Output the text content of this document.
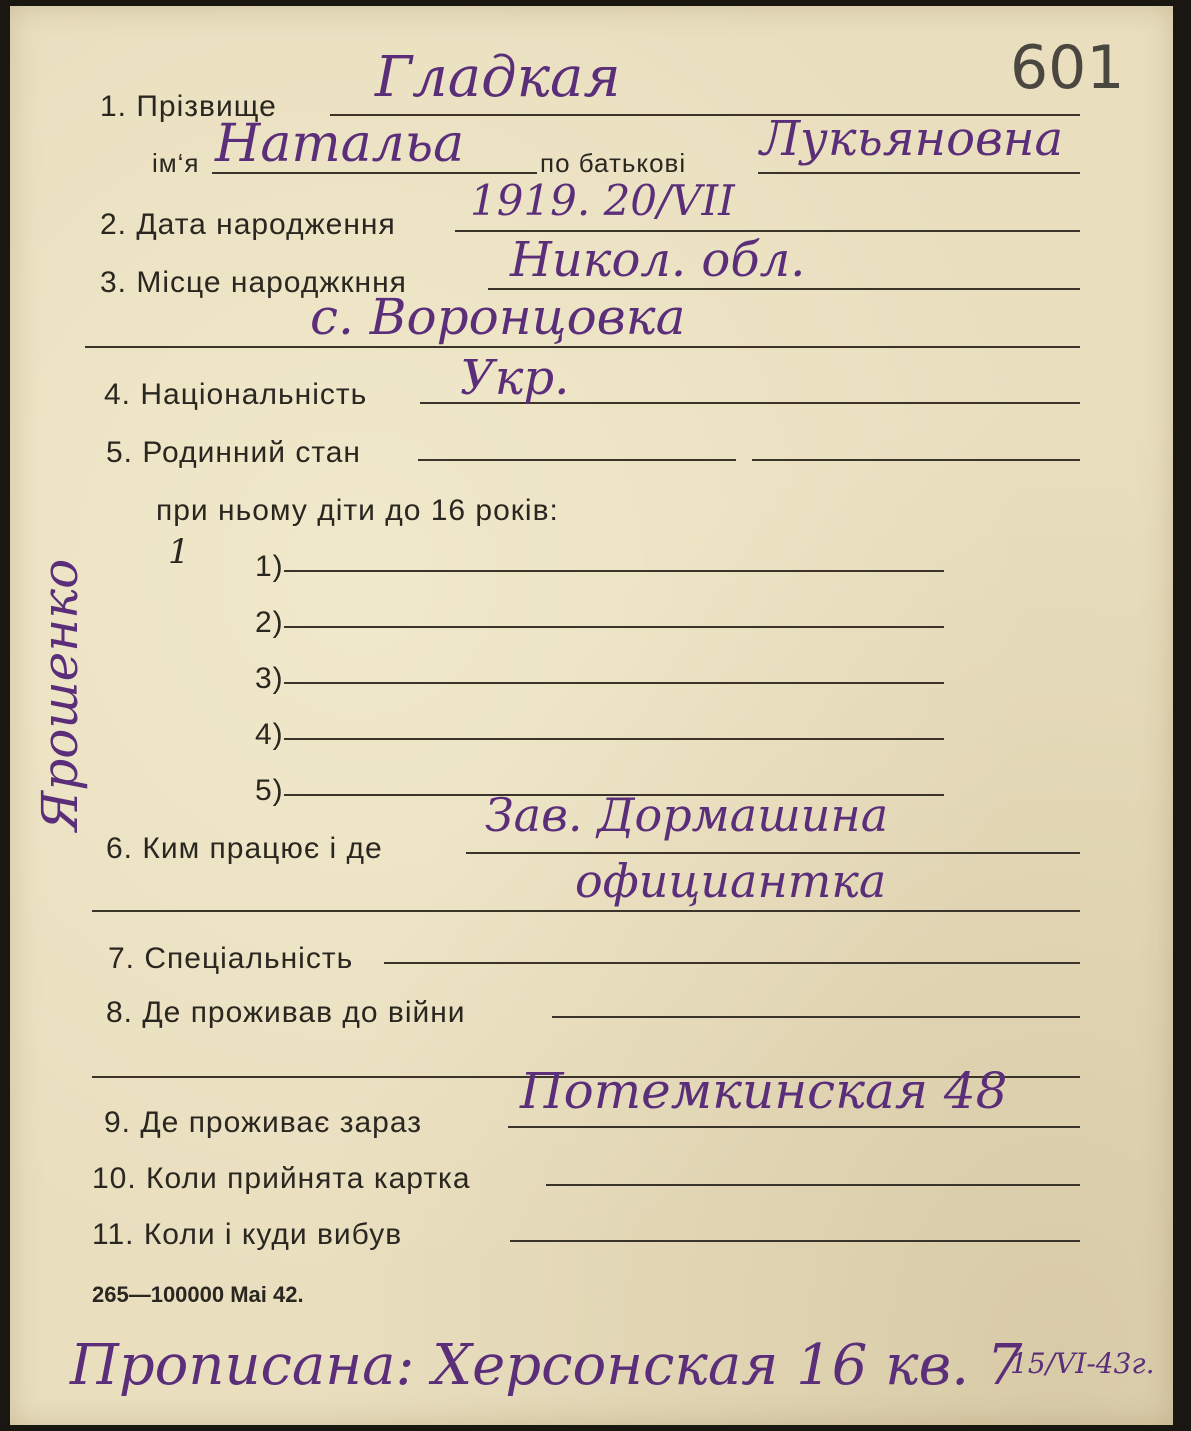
601
1. Прізвище Гладкая
ім‘я Натальа	по батькові Лукьяновна
2. Дата народження 1919. 20/VII
3. Місце народжкння Никол. обл.
с. Воронцовка
4. Національність Укр.
5. Родинний стан
при ньому діти до 16 років:
1 1)
2)
3)
4)
5)
6. Ким працює і де
Зав. Дормашина
официанткa
7. Спеціальність
8. Де проживав до війни
9. Де проживає зараз
Потемкинская 48
10. Коли прийнята картка
11. Коли і куди вибув
265—100000 Mai 42.
Ярошенко
Прописана: Херсонская 16 кв. 7
15/VI-43г.
